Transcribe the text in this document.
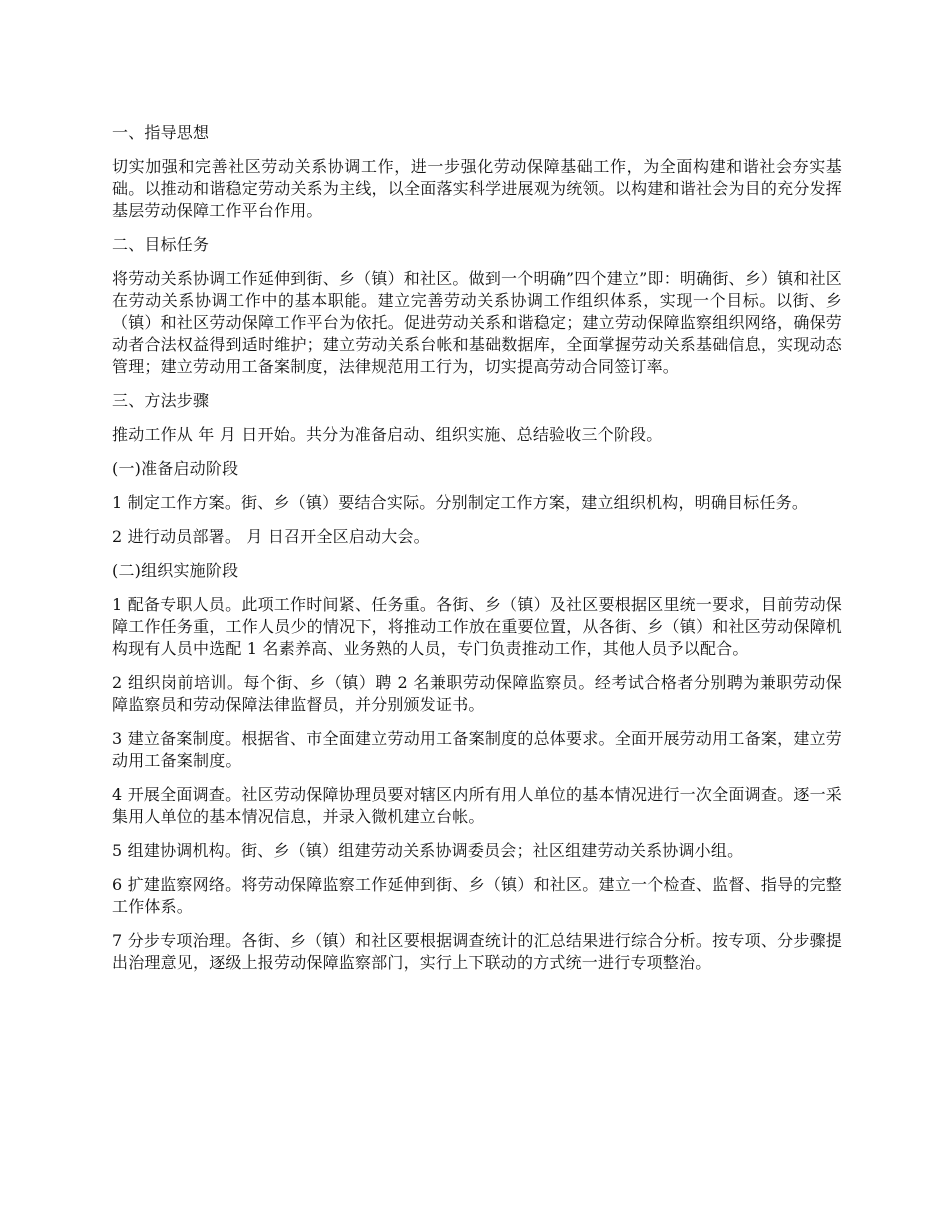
一、指导思想

切实加强和完善社区劳动关系协调工作，进一步强化劳动保障基础工作，为全面构建和谐社会夯实基础。以推动和谐稳定劳动关系为主线，以全面落实科学进展观为统领。以构建和谐社会为目的充分发挥基层劳动保障工作平台作用。

二、目标任务

将劳动关系协调工作延伸到街、乡（镇）和社区。做到一个明确”四个建立”即：明确街、乡）镇和社区在劳动关系协调工作中的基本职能。建立完善劳动关系协调工作组织体系，实现一个目标。以街、乡（镇）和社区劳动保障工作平台为依托。促进劳动关系和谐稳定；建立劳动保障监察组织网络，确保劳动者合法权益得到适时维护；建立劳动关系台帐和基础数据库，全面掌握劳动关系基础信息，实现动态管理；建立劳动用工备案制度，法律规范用工行为，切实提高劳动合同签订率。

三、方法步骤

推动工作从 年 月 日开始。共分为准备启动、组织实施、总结验收三个阶段。

(一)准备启动阶段

1 制定工作方案。街、乡（镇）要结合实际。分别制定工作方案，建立组织机构，明确目标任务。

2 进行动员部署。 月 日召开全区启动大会。

(二)组织实施阶段

1 配备专职人员。此项工作时间紧、任务重。各街、乡（镇）及社区要根据区里统一要求，目前劳动保障工作任务重，工作人员少的情况下，将推动工作放在重要位置，从各街、乡（镇）和社区劳动保障机构现有人员中选配 1 名素养高、业务熟的人员，专门负责推动工作，其他人员予以配合。

2 组织岗前培训。每个街、乡（镇）聘 2 名兼职劳动保障监察员。经考试合格者分别聘为兼职劳动保障监察员和劳动保障法律监督员，并分别颁发证书。

3 建立备案制度。根据省、市全面建立劳动用工备案制度的总体要求。全面开展劳动用工备案，建立劳动用工备案制度。

4 开展全面调查。社区劳动保障协理员要对辖区内所有用人单位的基本情况进行一次全面调查。逐一采集用人单位的基本情况信息，并录入微机建立台帐。

5 组建协调机构。街、乡（镇）组建劳动关系协调委员会；社区组建劳动关系协调小组。

6 扩建监察网络。将劳动保障监察工作延伸到街、乡（镇）和社区。建立一个检查、监督、指导的完整工作体系。

7 分步专项治理。各街、乡（镇）和社区要根据调查统计的汇总结果进行综合分析。按专项、分步骤提出治理意见，逐级上报劳动保障监察部门，实行上下联动的方式统一进行专项整治。
